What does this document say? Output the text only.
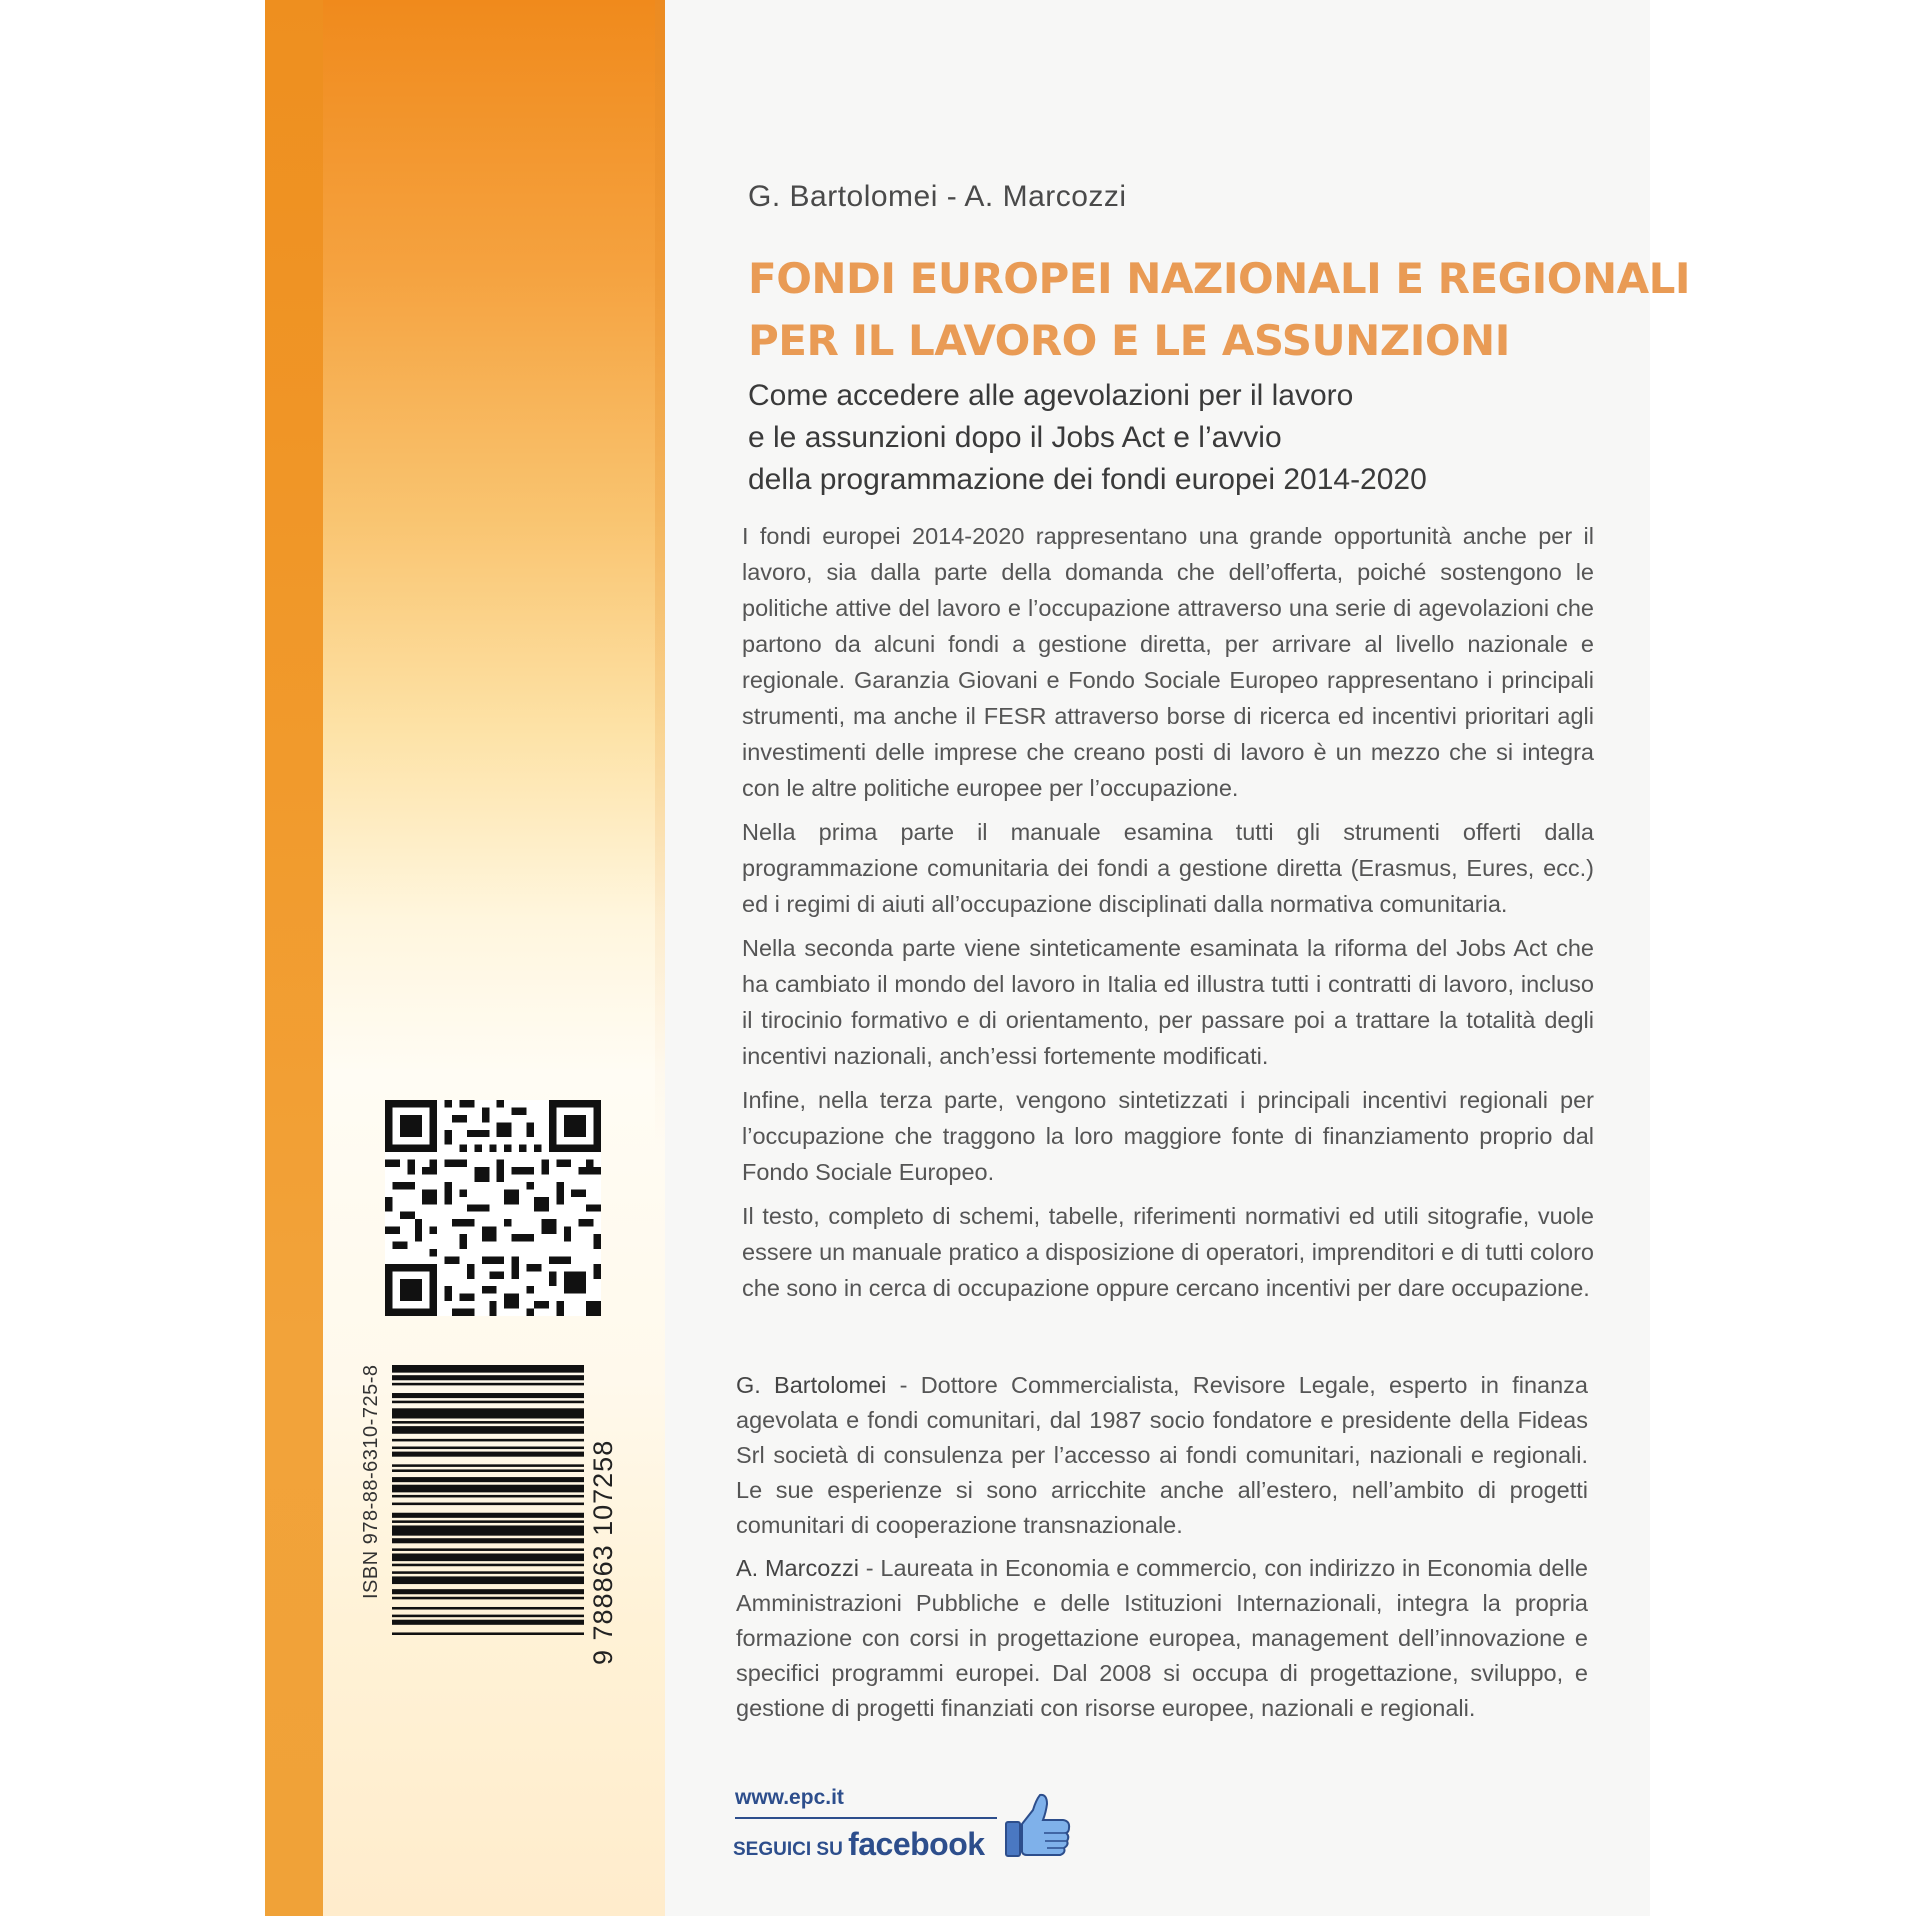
G. Bartolomei - A. Marcozzi
FONDI EUROPEI NAZIONALI E REGIONALI
PER IL LAVORO E LE ASSUNZIONI
Come accedere alle agevolazioni per il lavoro
e le assunzioni dopo il Jobs Act e l’avvio
della programmazione dei fondi europei 2014-2020

I fondi europei 2014-2020 rappresentano una grande opportunità anche per il lavoro, sia dalla parte della domanda che dell’offerta, poiché sostengono le politiche attive del lavoro e l’occupazione attraverso una serie di agevolazioni che partono da alcuni fondi a gestione diretta, per arrivare al livello nazionale e regionale. Garanzia Giovani e Fondo Sociale Europeo rappresentano i principali strumenti, ma anche il FESR attraverso borse di ricerca ed incentivi prioritari agli investimenti delle imprese che creano posti di lavoro è un mezzo che si integra con le altre politiche europee per l’occupazione.

Nella prima parte il manuale esamina tutti gli strumenti offerti dalla programmazione comunitaria dei fondi a gestione diretta (Erasmus, Eures, ecc.) ed i regimi di aiuti all’occupazione disciplinati dalla normativa comunitaria.

Nella seconda parte viene sinteticamente esaminata la riforma del Jobs Act che ha cambiato il mondo del lavoro in Italia ed illustra tutti i contratti di lavoro, incluso il tirocinio formativo e di orientamento, per passare poi a trattare la totalità degli incentivi nazionali, anch’essi fortemente modificati.

Infine, nella terza parte, vengono sintetizzati i principali incentivi regionali per l’occupazione che traggono la loro maggiore fonte di finanziamento proprio dal Fondo Sociale Europeo.

Il testo, completo di schemi, tabelle, riferimenti normativi ed utili sitografie, vuole essere un manuale pratico a disposizione di operatori, imprenditori e di tutti coloro che sono in cerca di occupazione oppure cercano incentivi per dare occupazione.

G. Bartolomei - Dottore Commercialista, Revisore Legale, esperto in finanza agevolata e fondi comunitari, dal 1987 socio fondatore e presidente della Fideas Srl società di consulenza per l’accesso ai fondi comunitari, nazionali e regionali. Le sue esperienze si sono arricchite anche all’estero, nell’ambito di progetti comunitari di cooperazione transnazionale.

A. Marcozzi - Laureata in Economia e commercio, con indirizzo in Economia delle Amministrazioni Pubbliche e delle Istituzioni Internazionali, integra la propria formazione con corsi in progettazione europea, management dell’innovazione e specifici programmi europei. Dal 2008 si occupa di progettazione, sviluppo, e gestione di progetti finanziati con risorse europee, nazionali e regionali.

ISBN 978-88-6310-725-8	9 788863 107258
www.epc.it
SEGUICI SU facebook
